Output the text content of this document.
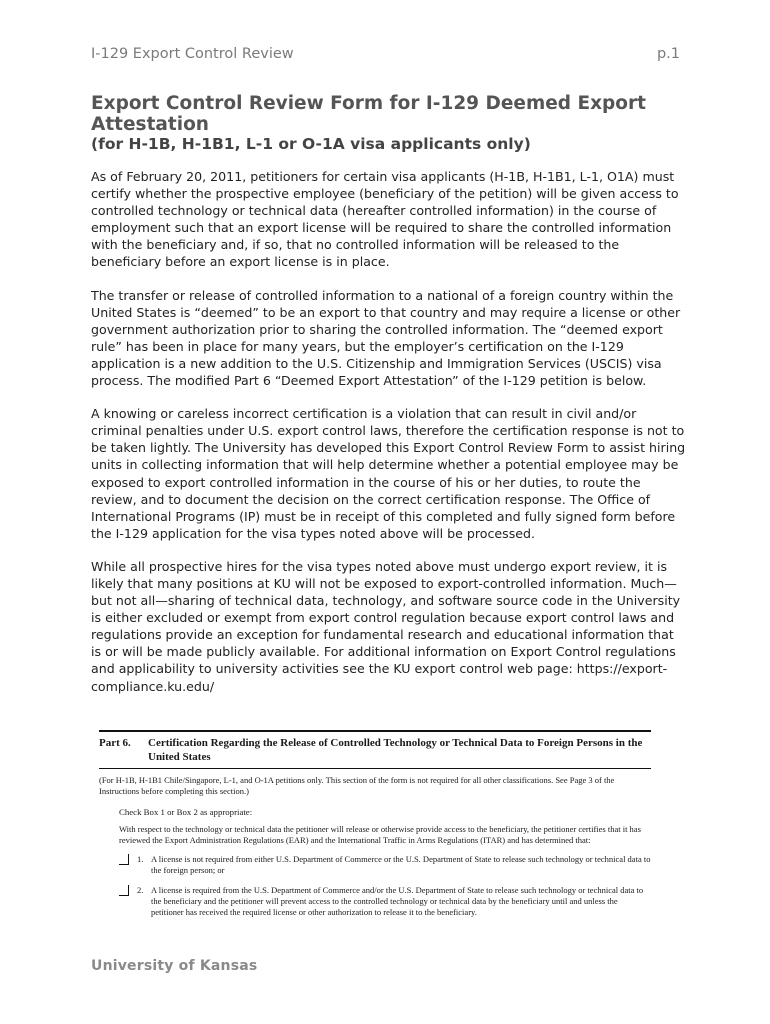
I-129 Export Control Review	p.1
Export Control Review Form for I-129 Deemed Export Attestation
(for H-1B, H-1B1, L-1 or O-1A visa applicants only)

As of February 20, 2011, petitioners for certain visa applicants (H-1B, H-1B1, L-1, O1A) must certify whether the prospective employee (beneficiary of the petition) will be given access to controlled technology or technical data (hereafter controlled information) in the course of employment such that an export license will be required to share the controlled information with the beneficiary and, if so, that no controlled information will be released to the beneficiary before an export license is in place.

The transfer or release of controlled information to a national of a foreign country within the United States is “deemed” to be an export to that country and may require a license or other government authorization prior to sharing the controlled information. The “deemed export rule” has been in place for many years, but the employer’s certification on the I-129 application is a new addition to the U.S. Citizenship and Immigration Services (USCIS) visa process. The modified Part 6 “Deemed Export Attestation” of the I-129 petition is below.

A knowing or careless incorrect certification is a violation that can result in civil and/or criminal penalties under U.S. export control laws, therefore the certification response is not to be taken lightly. The University has developed this Export Control Review Form to assist hiring units in collecting information that will help determine whether a potential employee may be exposed to export controlled information in the course of his or her duties, to route the review, and to document the decision on the correct certification response. The Office of International Programs (IP) must be in receipt of this completed and fully signed form before the I-129 application for the visa types noted above will be processed.

While all prospective hires for the visa types noted above must undergo export review, it is likely that many positions at KU will not be exposed to export-controlled information. Much—but not all—sharing of technical data, technology, and software source code in the University is either excluded or exempt from export control regulation because export control laws and regulations provide an exception for fundamental research and educational information that is or will be made publicly available. For additional information on Export Control regulations and applicability to university activities see the KU export control web page: https://export-compliance.ku.edu/

Part 6.	Certification Regarding the Release of Controlled Technology or Technical Data to Foreign Persons in the United States
(For H-1B, H-1B1 Chile/Singapore, L-1, and O-1A petitions only. This section of the form is not required for all other classifications. See Page 3 of the Instructions before completing this section.)
Check Box 1 or Box 2 as appropriate:
With respect to the technology or technical data the petitioner will release or otherwise provide access to the beneficiary, the petitioner certifies that it has reviewed the Export Administration Regulations (EAR) and the International Traffic in Arms Regulations (ITAR) and has determined that:
1. A license is not required from either U.S. Department of Commerce or the U.S. Department of State to release such technology or technical data to the foreign person; or
2. A license is required from the U.S. Department of Commerce and/or the U.S. Department of State to release such technology or technical data to the beneficiary and the petitioner will prevent access to the controlled technology or technical data by the beneficiary until and unless the petitioner has received the required license or other authorization to release it to the beneficiary.
University of Kansas
